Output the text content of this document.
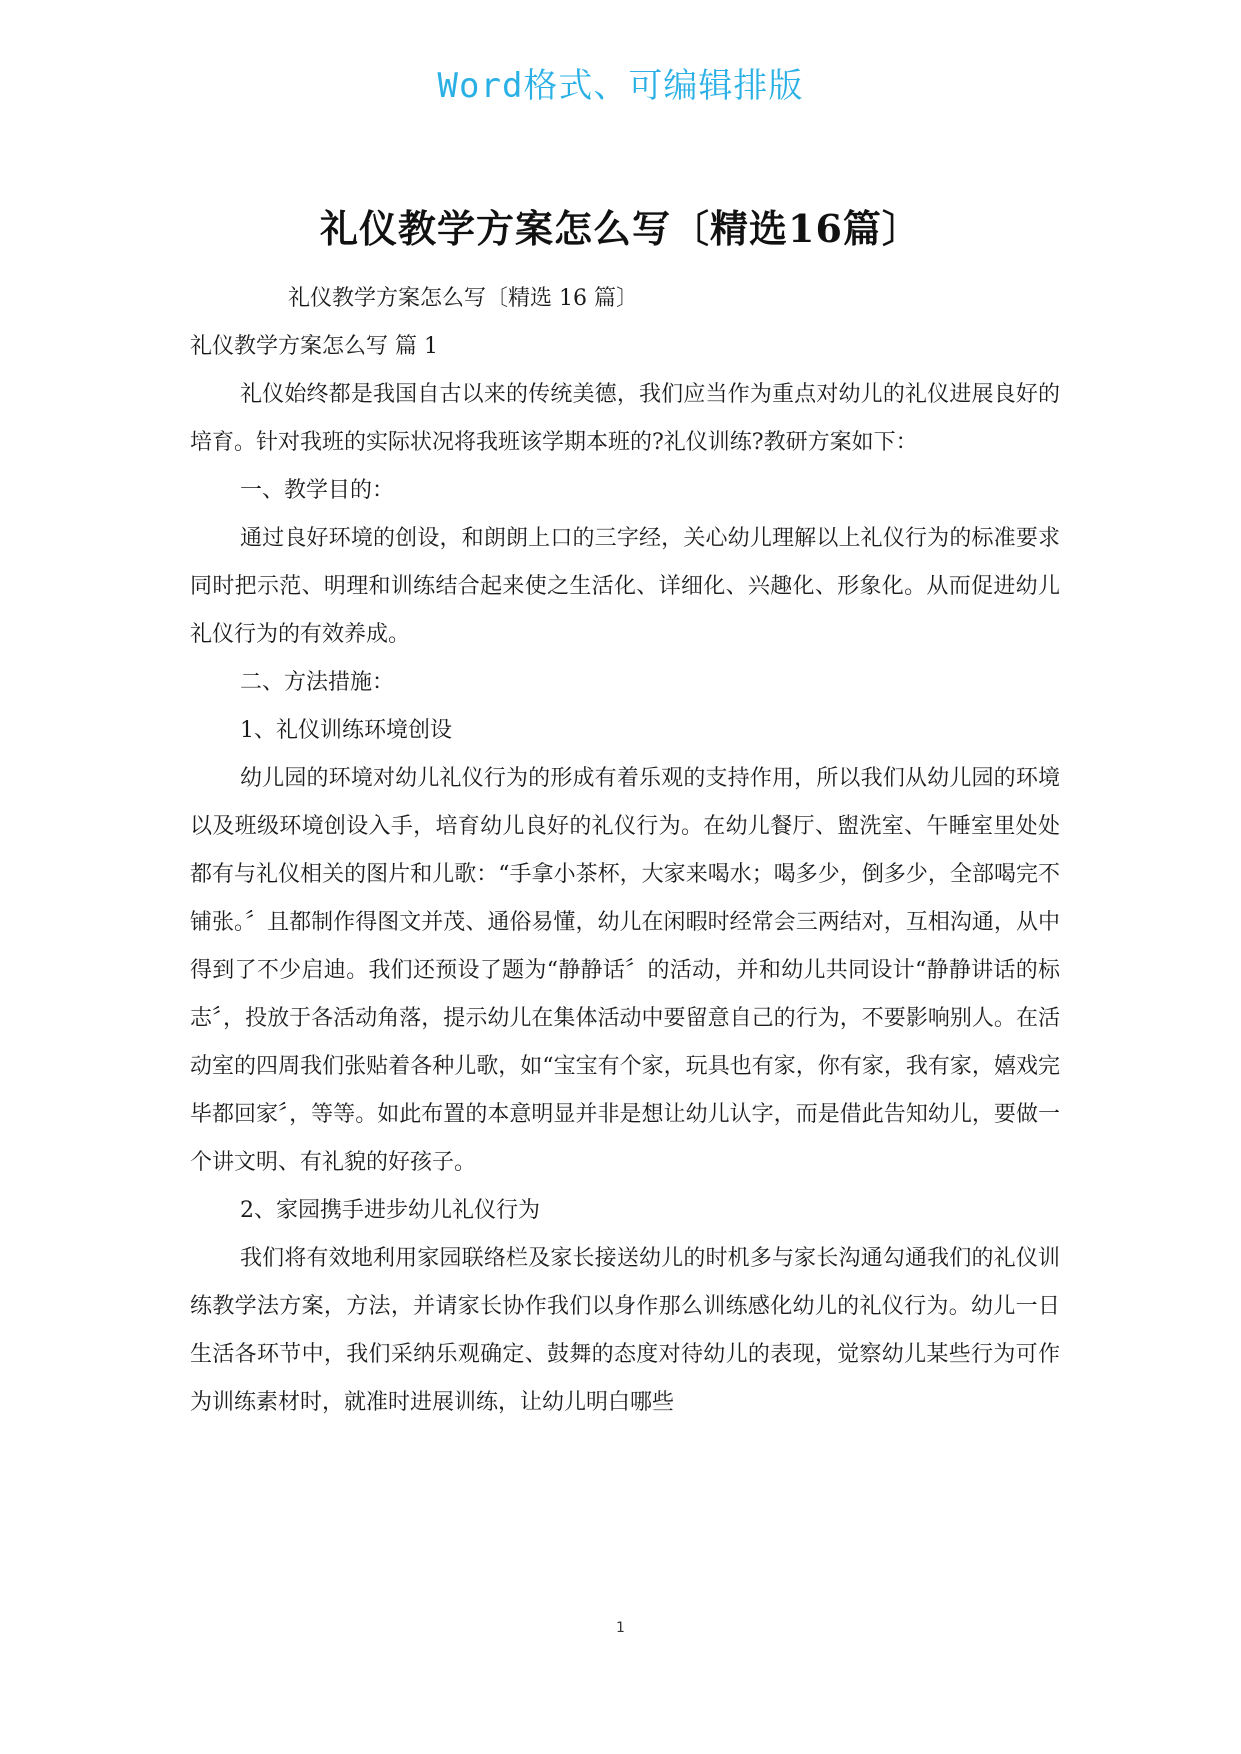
Word格式、可编辑排版
礼仪教学方案怎么写〔精选16篇〕

礼仪教学方案怎么写〔精选 16 篇〕

礼仪教学方案怎么写 篇 1

礼仪始终都是我国自古以来的传统美德，我们应当作为重点对幼儿的礼仪进展良好的培育。针对我班的实际状况将我班该学期本班的?礼仪训练?教研方案如下：

一、教学目的：

通过良好环境的创设，和朗朗上口的三字经，关心幼儿理解以上礼仪行为的标准要求同时把示范、明理和训练结合起来使之生活化、详细化、兴趣化、形象化。从而促进幼儿礼仪行为的有效养成。

二、方法措施：

1、礼仪训练环境创设

幼儿园的环境对幼儿礼仪行为的形成有着乐观的支持作用，所以我们从幼儿园的环境以及班级环境创设入手，培育幼儿良好的礼仪行为。在幼儿餐厅、盥洗室、午睡室里处处都有与礼仪相关的图片和儿歌：“手拿小茶杯，大家来喝水；喝多少，倒多少，全部喝完不铺张。〞且都制作得图文并茂、通俗易懂，幼儿在闲暇时经常会三两结对，互相沟通，从中得到了不少启迪。我们还预设了题为“静静话〞的活动，并和幼儿共同设计“静静讲话的标志〞，投放于各活动角落，提示幼儿在集体活动中要留意自己的行为，不要影响别人。在活动室的四周我们张贴着各种儿歌，如“宝宝有个家，玩具也有家，你有家，我有家，嬉戏完毕都回家〞，等等。如此布置的本意明显并非是想让幼儿认字，而是借此告知幼儿，要做一个讲文明、有礼貌的好孩子。

2、家园携手进步幼儿礼仪行为

我们将有效地利用家园联络栏及家长接送幼儿的时机多与家长沟通勾通我们的礼仪训练教学法方案，方法，并请家长协作我们以身作那么训练感化幼儿的礼仪行为。幼儿一日生活各环节中，我们采纳乐观确定、鼓舞的态度对待幼儿的表现，觉察幼儿某些行为可作为训练素材时，就准时进展训练，让幼儿明白哪些

1
